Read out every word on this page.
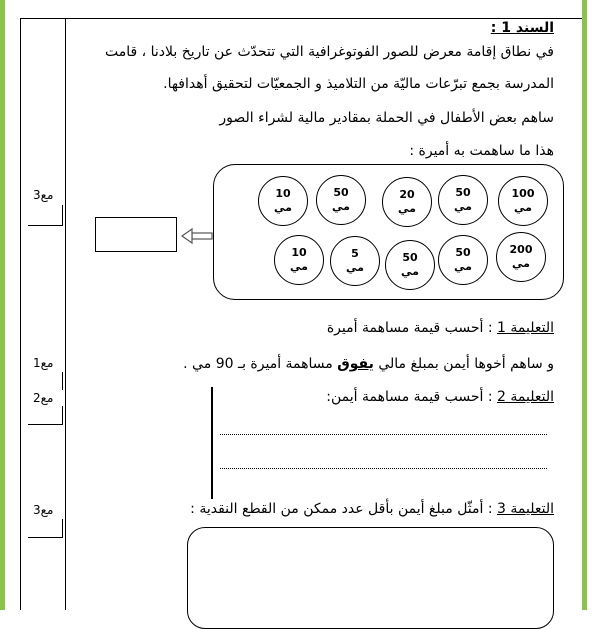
مع3
مع1
مع2
مع3
السند 1 :
في نطاق إقامة معرض للصور الفوتوغرافية التي تتحدّث عن تاريخ بلادنا ، قامت
المدرسة بجمع تبرّعات ماليّة من التلاميذ و الجمعيّات لتحقيق أهدافها.
ساهم بعض الأطفال في الحملة بمقادير مالية لشراء الصور
هذا ما ساهمت به أميرة :
100
مي
50
مي
20
مي
50
مي
10
مي
200
مي
50
مي
50
مي
5
مي
10
مي
التعليمة 1 : أحسب قيمة مساهمة أميرة
و ساهم أخوها أيمن بمبلغ مالي يفوق مساهمة أميرة بـ 90 مي .
التعليمة 2 : أحسب قيمة مساهمة أيمن:
التعليمة 3 : أمثّل مبلغ أيمن بأقل عدد ممكن من القطع النقدية :
